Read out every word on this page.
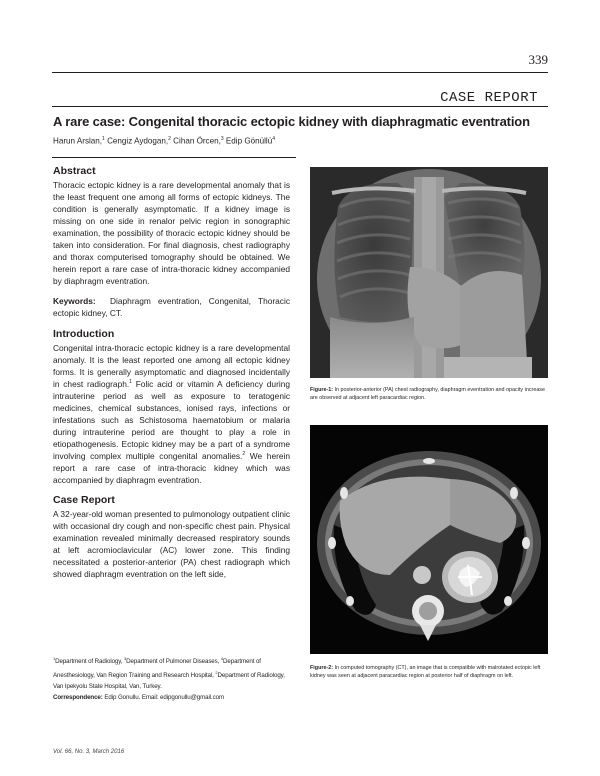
339
CASE REPORT
A rare case: Congenital thoracic ectopic kidney with diaphragmatic eventration
Harun Arslan,$^1$ Cengiz Aydogan,$^2$ Cihan Örcen,$^3$ Edip Gönüllü$^4$
Abstract

Thoracic ectopic kidney is a rare developmental anomaly that is the least frequent one among all forms of ectopic kidneys. The condition is generally asymptomatic. If a kidney image is missing on one side in renalor pelvic region in sonographic examination, the possibility of thoracic ectopic kidney should be taken into consideration. For final diagnosis, chest radiography and thorax computerised tomography should be obtained. We herein report a rare case of intra-thoracic kidney accompanied by diaphragm eventration.

Keywords: Diaphragm eventration, Congenital, Thoracic ectopic kidney, CT.

Introduction

Congenital intra-thoracic ectopic kidney is a rare developmental anomaly. It is the least reported one among all ectopic kidney forms. It is generally asymptomatic and diagnosed incidentally in chest radiograph.$^1$ Folic acid or vitamin A deficiency during intrauterine period as well as exposure to teratogenic medicines, chemical substances, ionised rays, infections or infestations such as Schistosoma haematobium or malaria during intrauterine period are thought to play a role in etiopathogenesis. Ectopic kidney may be a part of a syndrome involving complex multiple congenital anomalies.$^2$ We herein report a rare case of intra-thoracic kidney which was accompanied by diaphragm eventration.

Case Report

A 32-year-old woman presented to pulmonology outpatient clinic with occasional dry cough and non-specific chest pain. Physical examination revealed minimally decreased respiratory sounds at left acromioclavicular (AC) lower zone. This finding necessitated a posterior-anterior (PA) chest radiograph which showed diaphragm eventration on the left side,

$^1$Department of Radiology, $^3$Department of Pulmoner Diseases, $^4$Department of Anesthesiology, Van Region Training and Research Hospital, $^2$Department of Radiology, Van Ipekyolu State Hospital, Van, Turkey.

Correspondence: Edip Gonullu. Email: edipgonullu@gmail.com

Vol. 66, No. 3, March 2016
Figure-1: In posterior-anterior (PA) chest radiography, diaphragm eventration and opacity increase are observed at adjacent left paracardiac region.
Figure-2: In computed tomography (CT), an image that is compatible with malrotated ectopic left kidney was seen at adjacent paracardiac region at posterior half of diaphragm on left.
